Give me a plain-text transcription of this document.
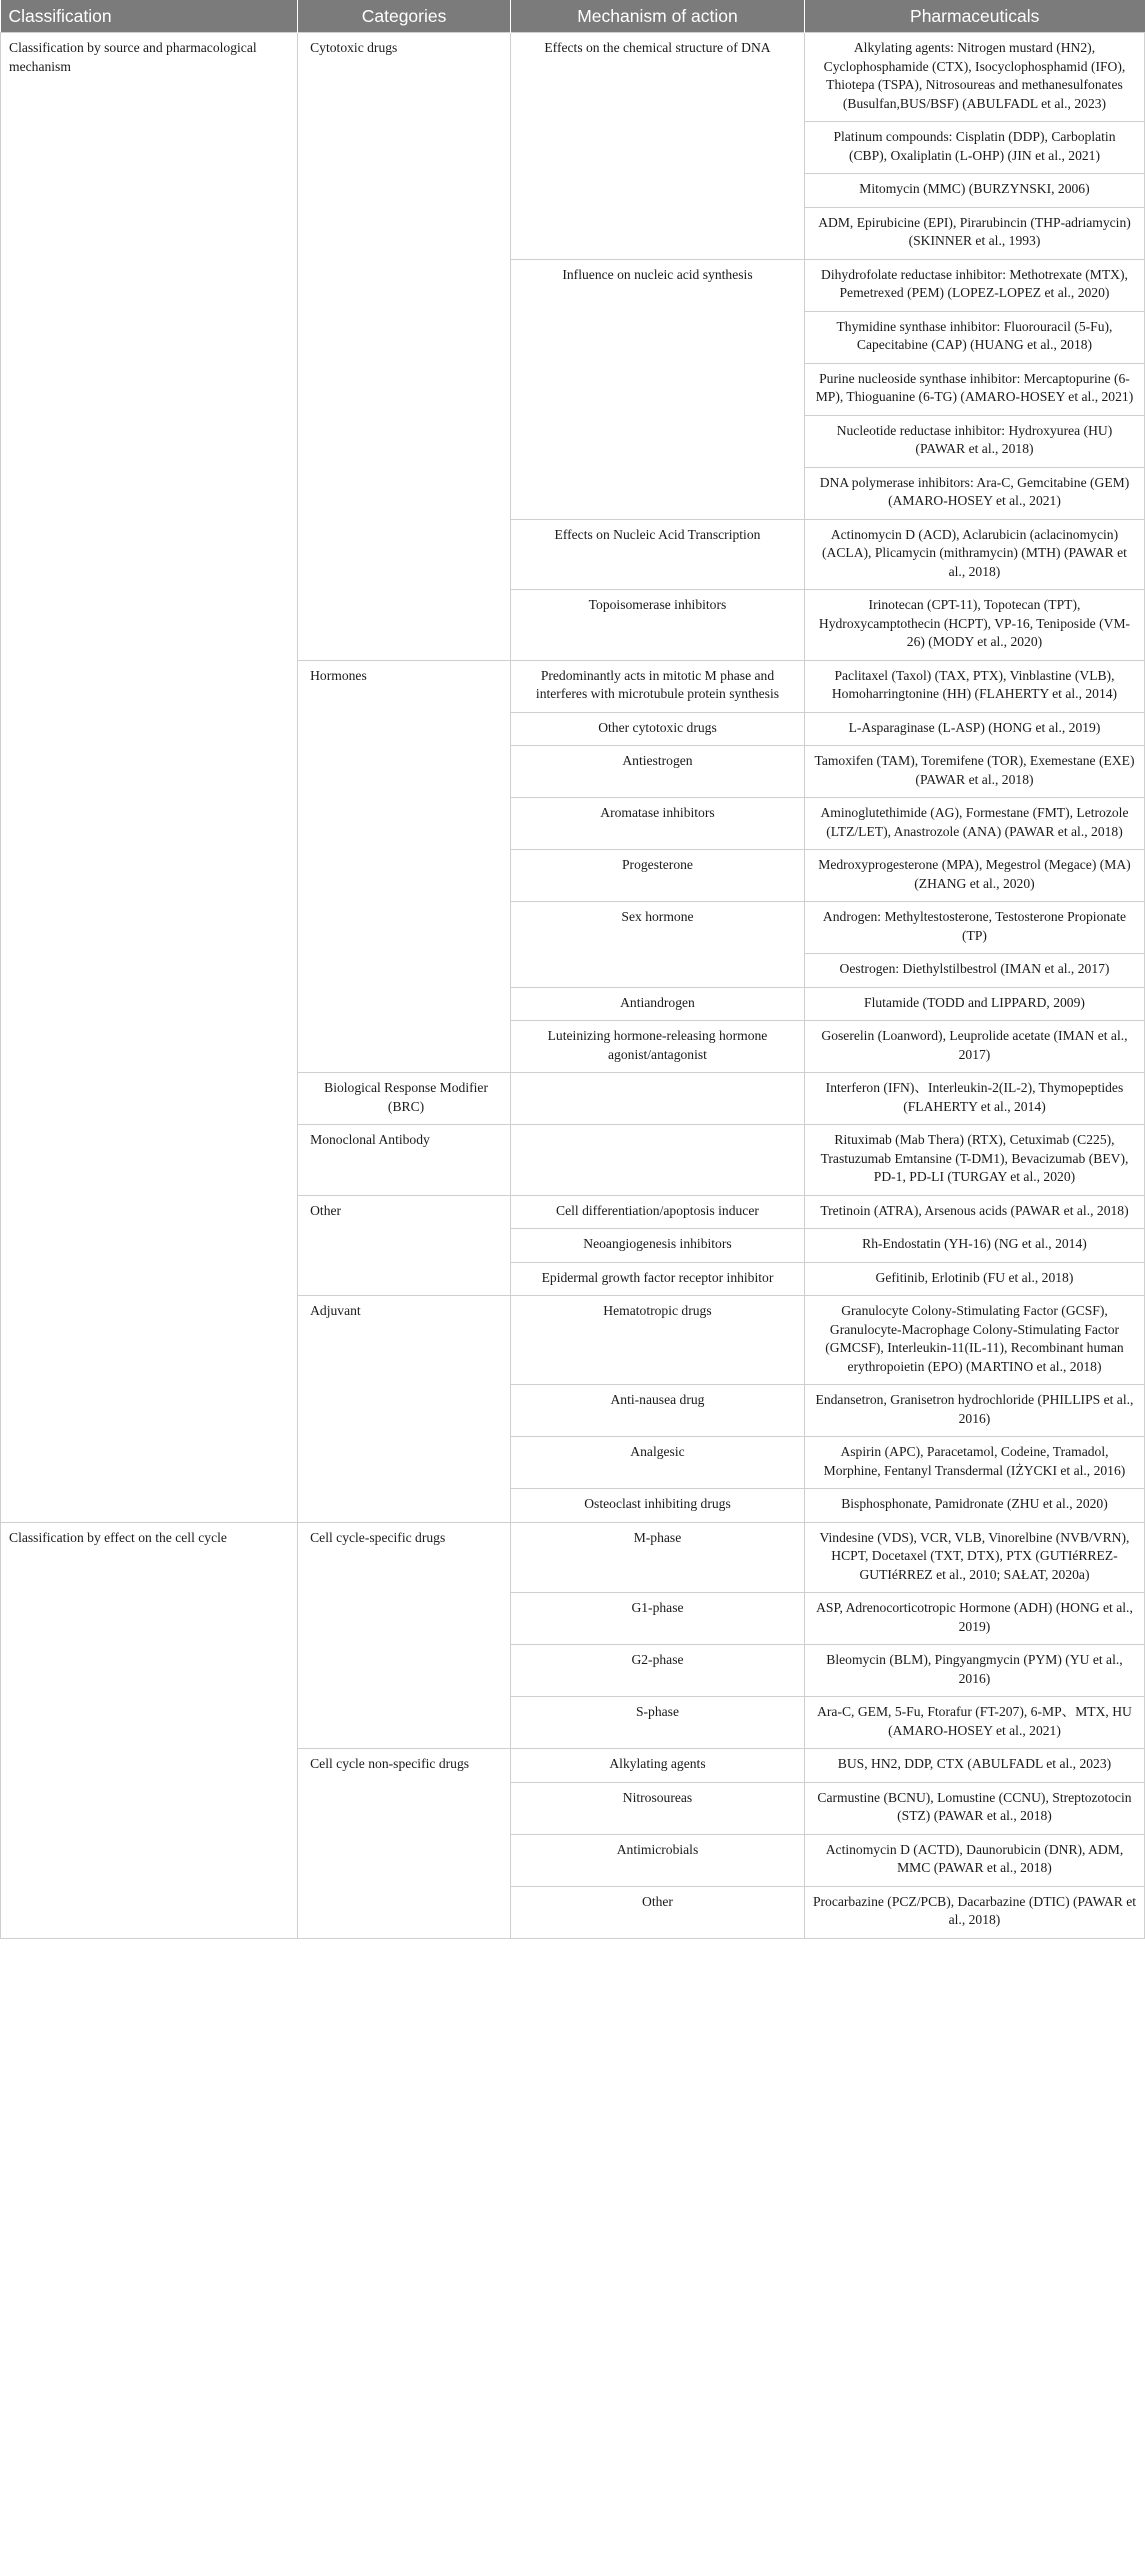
Classification	Categories	Mechanism of action	Pharmaceuticals
Classification by source and pharmacological mechanism	Cytotoxic drugs	Effects on the chemical structure of DNA	Alkylating agents: Nitrogen mustard (HN2), Cyclophosphamide (CTX), Isocyclophosphamid (IFO), Thiotepa (TSPA), Nitrosoureas and methanesulfonates (Busulfan,BUS/BSF) (ABULFADL et al., 2023)
			Platinum compounds: Cisplatin (DDP), Carboplatin (CBP), Oxaliplatin (L-OHP) (JIN et al., 2021)
			Mitomycin (MMC) (BURZYNSKI, 2006)
			ADM, Epirubicine (EPI), Pirarubincin (THP-adriamycin) (SKINNER et al., 1993)
		Influence on nucleic acid synthesis	Dihydrofolate reductase inhibitor: Methotrexate (MTX), Pemetrexed (PEM) (LOPEZ-LOPEZ et al., 2020)
			Thymidine synthase inhibitor: Fluorouracil (5-Fu), Capecitabine (CAP) (HUANG et al., 2018)
			Purine nucleoside synthase inhibitor: Mercaptopurine (6-MP), Thioguanine (6-TG) (AMARO-HOSEY et al., 2021)
			Nucleotide reductase inhibitor: Hydroxyurea (HU) (PAWAR et al., 2018)
			DNA polymerase inhibitors: Ara-C, Gemcitabine (GEM) (AMARO-HOSEY et al., 2021)
		Effects on Nucleic Acid Transcription	Actinomycin D (ACD), Aclarubicin (aclacinomycin) (ACLA), Plicamycin (mithramycin) (MTH) (PAWAR et al., 2018)
		Topoisomerase inhibitors	Irinotecan (CPT-11), Topotecan (TPT), Hydroxycamptothecin (HCPT), VP-16, Teniposide (VM-26) (MODY et al., 2020)
	Hormones	Predominantly acts in mitotic M phase and interferes with microtubule protein synthesis	Paclitaxel (Taxol) (TAX, PTX), Vinblastine (VLB), Homoharringtonine (HH) (FLAHERTY et al., 2014)
		Other cytotoxic drugs	L-Asparaginase (L-ASP) (HONG et al., 2019)
		Antiestrogen	Tamoxifen (TAM), Toremifene (TOR), Exemestane (EXE) (PAWAR et al., 2018)
		Aromatase inhibitors	Aminoglutethimide (AG), Formestane (FMT), Letrozole (LTZ/LET), Anastrozole (ANA) (PAWAR et al., 2018)
		Progesterone	Medroxyprogesterone (MPA), Megestrol (Megace) (MA) (ZHANG et al., 2020)
		Sex hormone	Androgen: Methyltestosterone, Testosterone Propionate (TP)
			Oestrogen: Diethylstilbestrol (IMAN et al., 2017)
		Antiandrogen	Flutamide (TODD and LIPPARD, 2009)
		Luteinizing hormone-releasing hormone agonist/antagonist	Goserelin (Loanword), Leuprolide acetate (IMAN et al., 2017)
	Biological Response Modifier (BRC)		Interferon (IFN)、Interleukin-2(IL-2), Thymopeptides (FLAHERTY et al., 2014)
	Monoclonal Antibody		Rituximab (Mab Thera) (RTX), Cetuximab (C225), Trastuzumab Emtansine (T-DM1), Bevacizumab (BEV), PD-1, PD-LI (TURGAY et al., 2020)
	Other	Cell differentiation/apoptosis inducer	Tretinoin (ATRA), Arsenous acids (PAWAR et al., 2018)
		Neoangiogenesis inhibitors	Rh-Endostatin (YH-16) (NG et al., 2014)
		Epidermal growth factor receptor inhibitor	Gefitinib, Erlotinib (FU et al., 2018)
	Adjuvant	Hematotropic drugs	Granulocyte Colony-Stimulating Factor (GCSF), Granulocyte-Macrophage Colony-Stimulating Factor (GMCSF), Interleukin-11(IL-11), Recombinant human erythropoietin (EPO) (MARTINO et al., 2018)
		Anti-nausea drug	Endansetron, Granisetron hydrochloride (PHILLIPS et al., 2016)
		Analgesic	Aspirin (APC), Paracetamol, Codeine, Tramadol, Morphine, Fentanyl Transdermal (IŻYCKI et al., 2016)
		Osteoclast inhibiting drugs	Bisphosphonate, Pamidronate (ZHU et al., 2020)
Classification by effect on the cell cycle	Cell cycle-specific drugs	M-phase	Vindesine (VDS), VCR, VLB, Vinorelbine (NVB/VRN), HCPT, Docetaxel (TXT, DTX), PTX (GUTIéRREZ-GUTIéRREZ et al., 2010; SAŁAT, 2020a)
		G1-phase	ASP, Adrenocorticotropic Hormone (ADH) (HONG et al., 2019)
		G2-phase	Bleomycin (BLM), Pingyangmycin (PYM) (YU et al., 2016)
		S-phase	Ara-C, GEM, 5-Fu, Ftorafur (FT-207), 6-MP、MTX, HU (AMARO-HOSEY et al., 2021)
	Cell cycle non-specific drugs	Alkylating agents	BUS, HN2, DDP, CTX (ABULFADL et al., 2023)
		Nitrosoureas	Carmustine (BCNU), Lomustine (CCNU), Streptozotocin (STZ) (PAWAR et al., 2018)
		Antimicrobials	Actinomycin D (ACTD), Daunorubicin (DNR), ADM, MMC (PAWAR et al., 2018)
		Other	Procarbazine (PCZ/PCB), Dacarbazine (DTIC) (PAWAR et al., 2018)
